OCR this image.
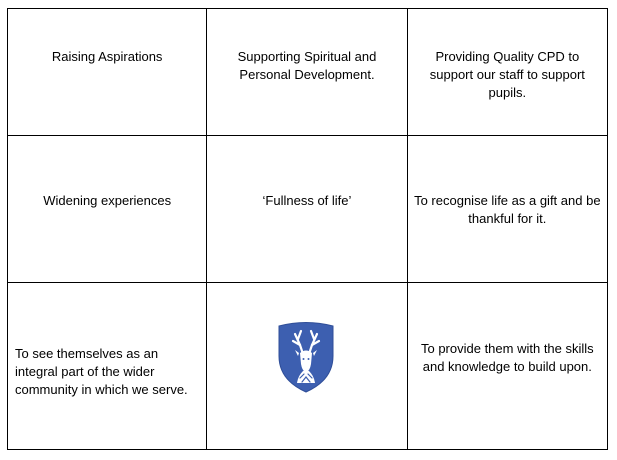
Raising Aspirations	Supporting Spiritual and Personal Development.	Providing Quality CPD to support our staff to support pupils.

Widening experiences	‘Fullness of life’	To recognise life as a gift and be thankful for it.

To see themselves as an integral part of the wider community in which we serve.		To provide them with the skills and knowledge to build upon.
